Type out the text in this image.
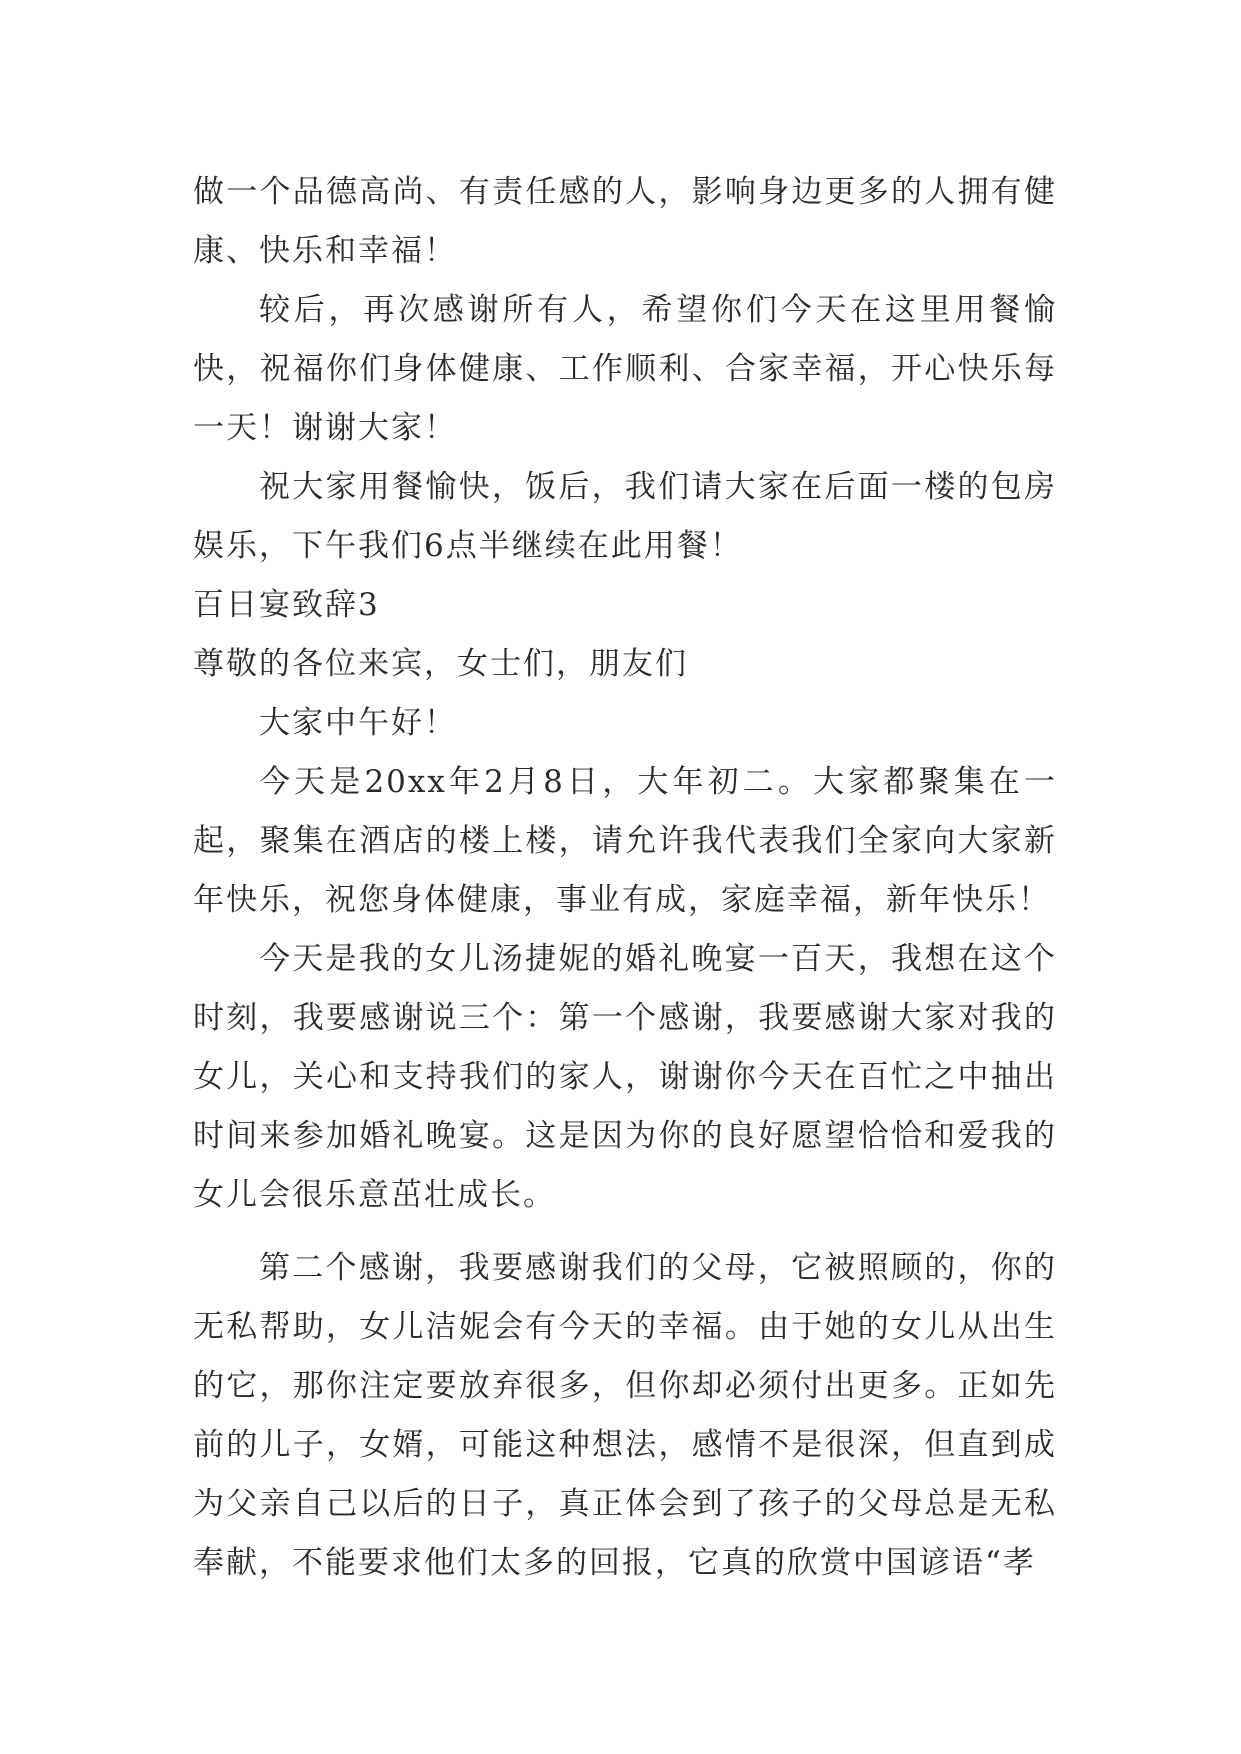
做一个品德高尚、有责任感的人，影响身边更多的人拥有健康、快乐和幸福！

较后，再次感谢所有人，希望你们今天在这里用餐愉快，祝福你们身体健康、工作顺利、合家幸福，开心快乐每一天！谢谢大家！

祝大家用餐愉快，饭后，我们请大家在后面一楼的包房娱乐，下午我们6点半继续在此用餐！

百日宴致辞3

尊敬的各位来宾，女士们，朋友们

大家中午好！

今天是20xx年2月8日，大年初二。大家都聚集在一起，聚集在酒店的楼上楼，请允许我代表我们全家向大家新年快乐，祝您身体健康，事业有成，家庭幸福，新年快乐！

今天是我的女儿汤捷妮的婚礼晚宴一百天，我想在这个时刻，我要感谢说三个：第一个感谢，我要感谢大家对我的女儿，关心和支持我们的家人，谢谢你今天在百忙之中抽出时间来参加婚礼晚宴。这是因为你的良好愿望恰恰和爱我的女儿会很乐意茁壮成长。

第二个感谢，我要感谢我们的父母，它被照顾的，你的无私帮助，女儿洁妮会有今天的幸福。由于她的女儿从出生的它，那你注定要放弃很多，但你却必须付出更多。正如先前的儿子，女婿，可能这种想法，感情不是很深，但直到成为父亲自己以后的日子，真正体会到了孩子的父母总是无私奉献，不能要求他们太多的回报，它真的欣赏中国谚语“孝
